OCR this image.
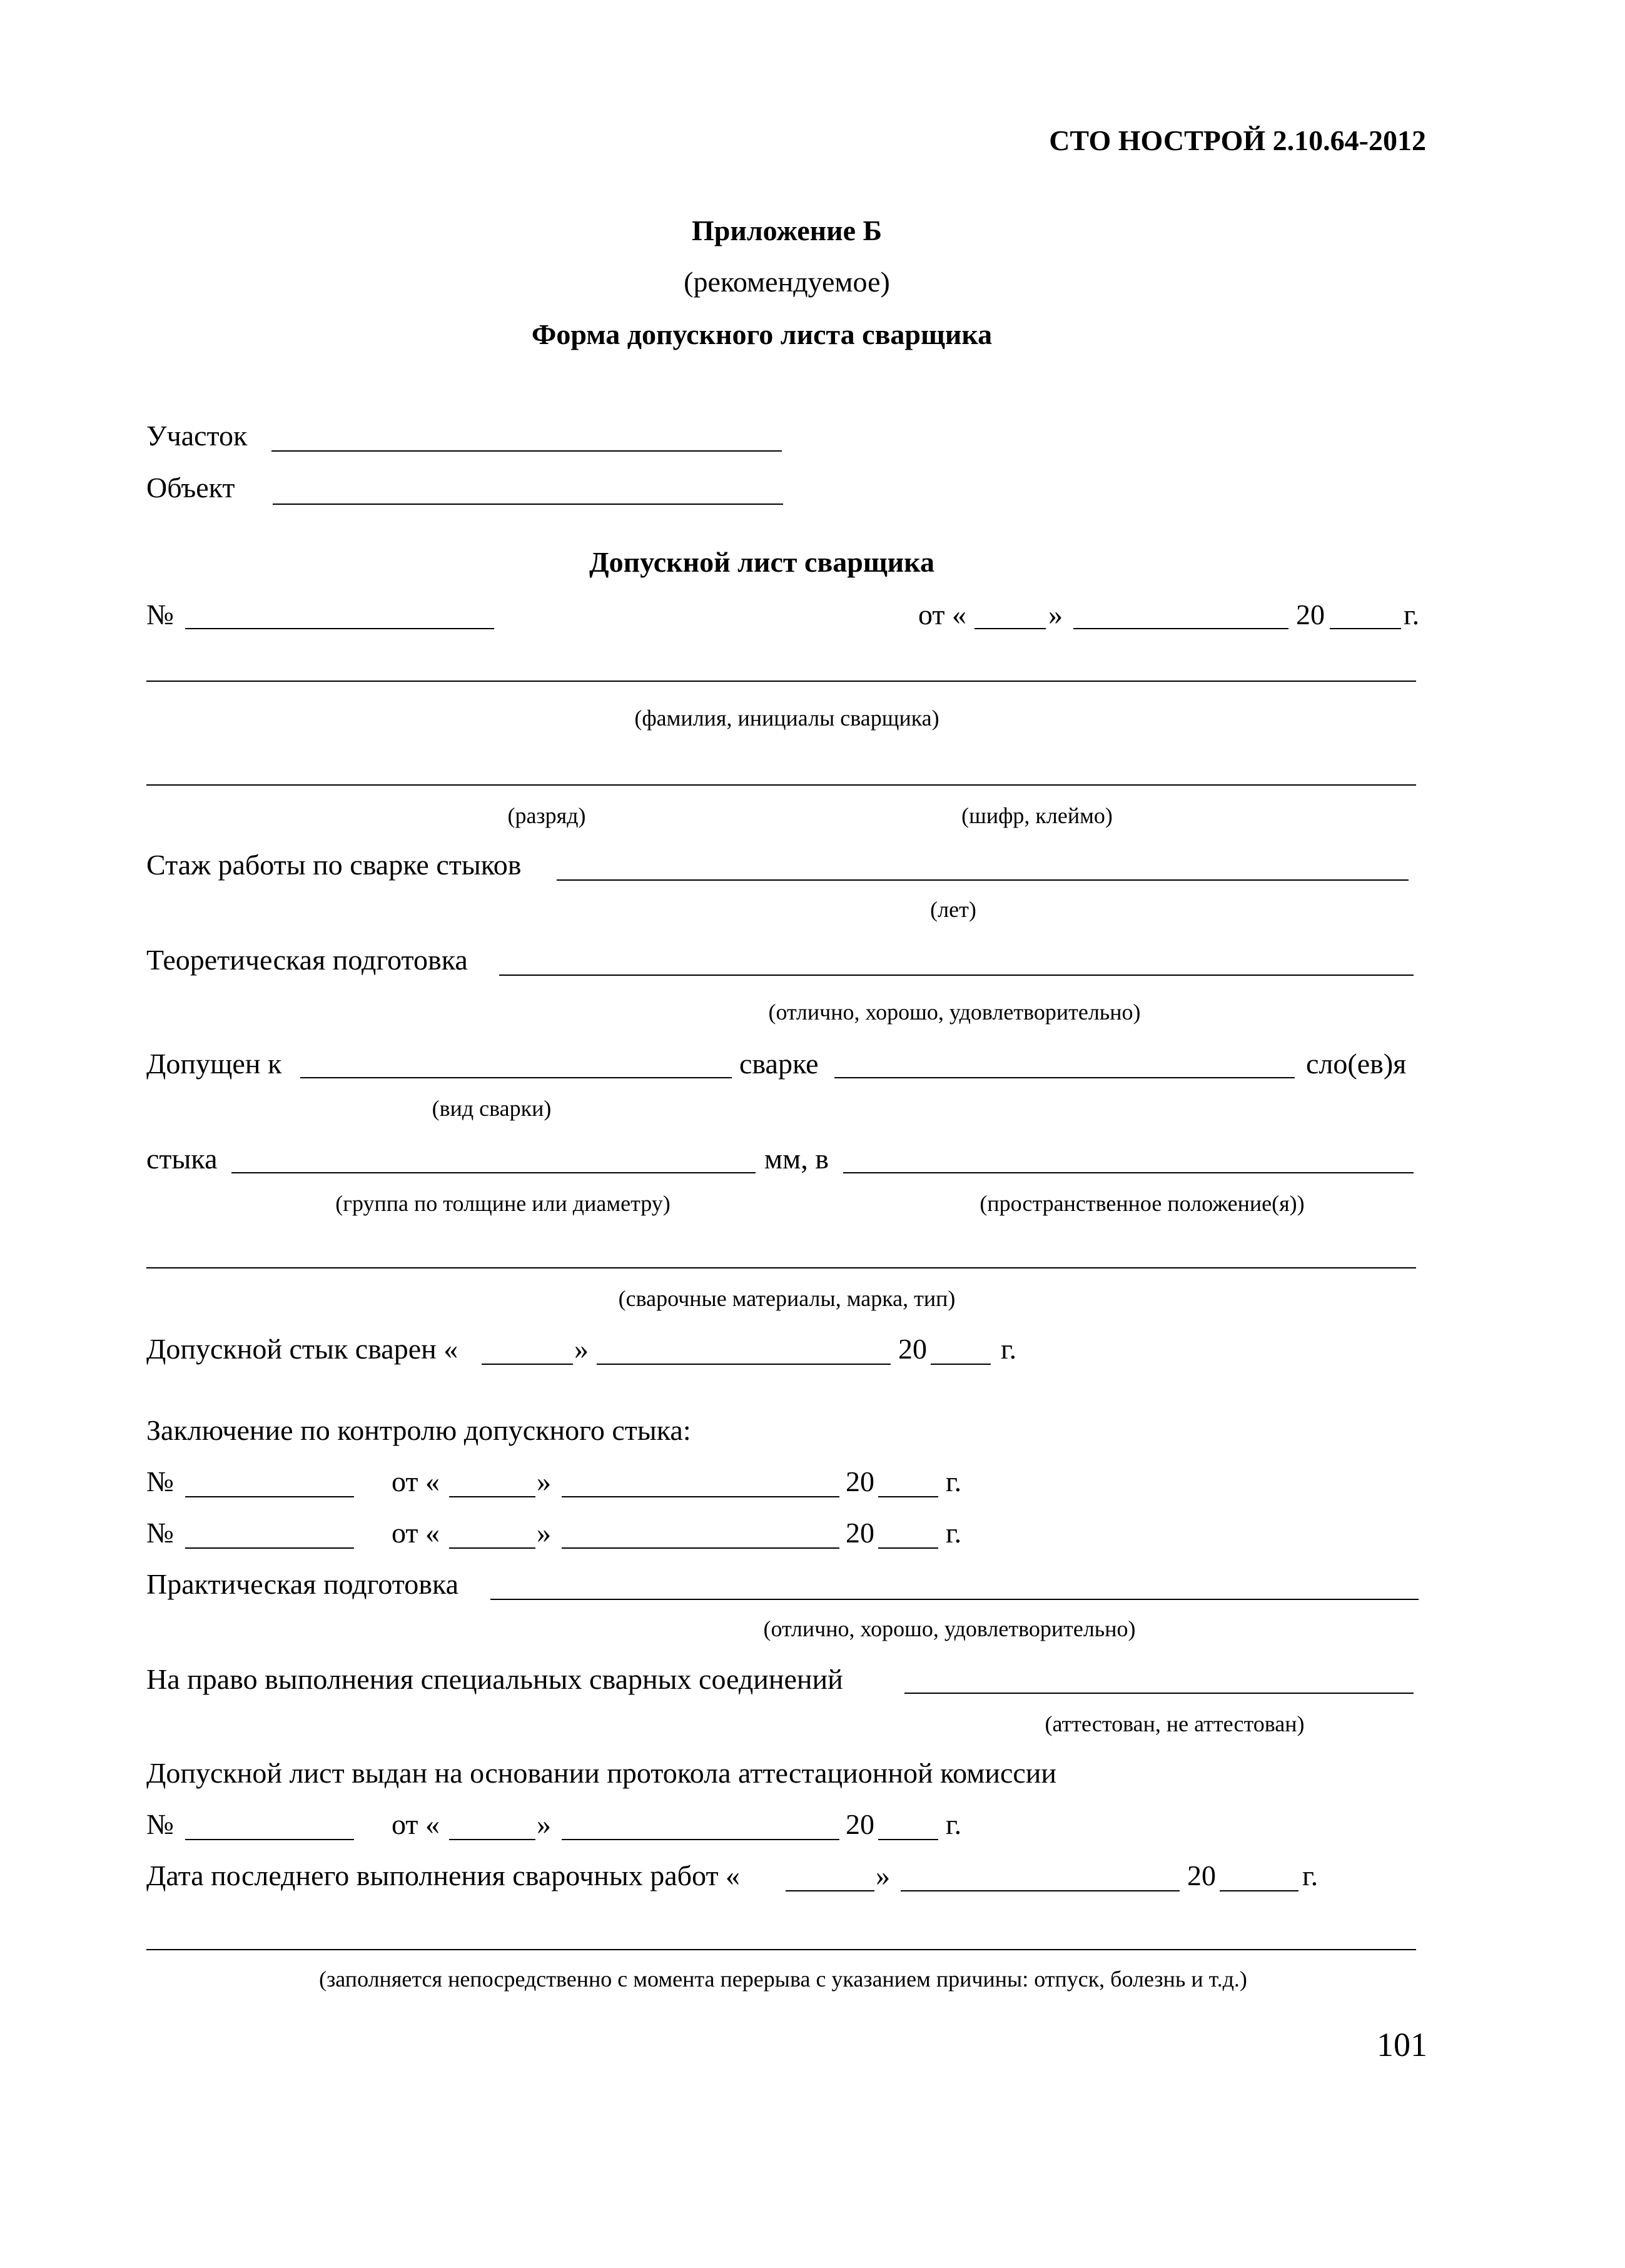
СТО НОСТРОЙ 2.10.64-2012
Приложение Б
(рекомендуемое)
Форма допускного листа сварщика
Участок
Объект
Допускной лист сварщика
№	от «	»	20	г.
(фамилия, инициалы сварщика)
(разряд)	(шифр, клеймо)
Стаж работы по сварке стыков
(лет)
Теоретическая подготовка
(отлично, хорошо, удовлетворительно)
Допущен к	сварке	сло(ев)я
(вид сварки)
стыка	мм, в
(группа по толщине или диаметру)	(пространственное положение(я))
(сварочные материалы, марка, тип)
Допускной стык сварен «	»	20	г.
Заключение по контролю допускного стыка:
№	от «	»	20 г.
№	от «	»	20 г.
Практическая подготовка
(отлично, хорошо, удовлетворительно)
На право выполнения специальных сварных соединений
(аттестован, не аттестован)
Допускной лист выдан на основании протокола аттестационной комиссии
№	от «	»	20 г.
Дата последнего выполнения сварочных работ «	»	20	г.
(заполняется непосредственно с момента перерыва с указанием причины: отпуск, болезнь и т.д.)
101
